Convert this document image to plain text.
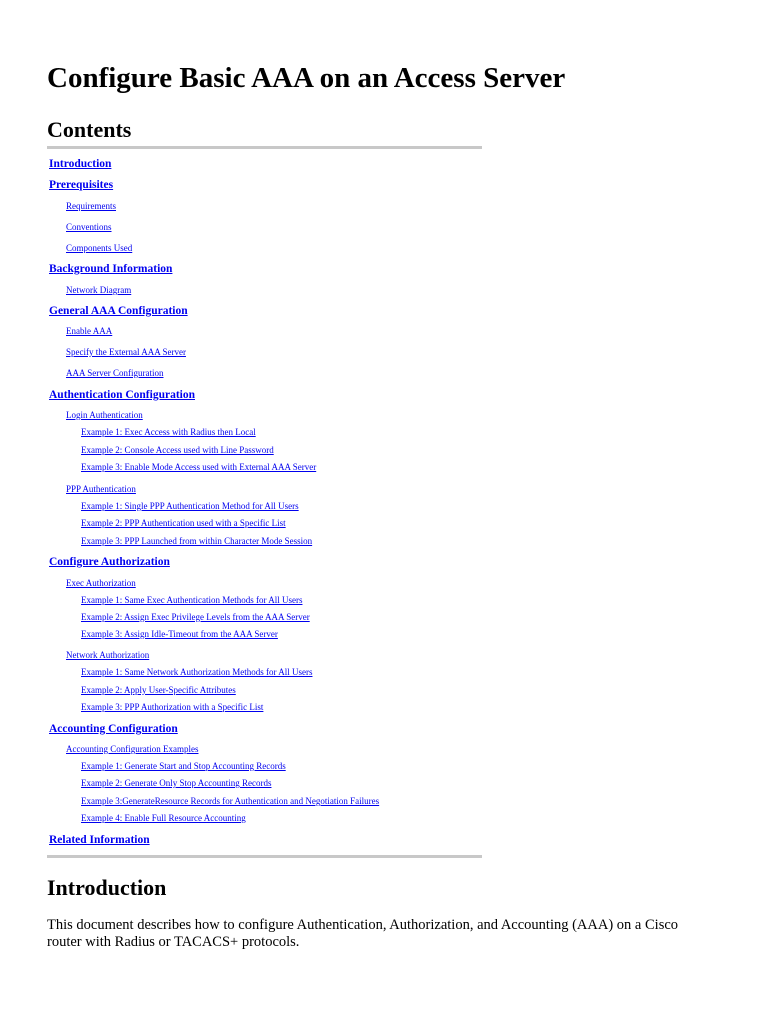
Configure Basic AAA on an Access Server
Contents
Introduction
Prerequisites
Requirements
Conventions
Components Used
Background Information
Network Diagram
General AAA Configuration
Enable AAA
Specify the External AAA Server
AAA Server Configuration
Authentication Configuration
Login Authentication
Example 1: Exec Access with Radius then Local
Example 2: Console Access used with Line Password
Example 3: Enable Mode Access used with External AAA Server
PPP Authentication
Example 1: Single PPP Authentication Method for All Users
Example 2: PPP Authentication used with a Specific List
Example 3: PPP Launched from within Character Mode Session
Configure Authorization
Exec Authorization
Example 1: Same Exec Authentication Methods for All Users
Example 2: Assign Exec Privilege Levels from the AAA Server
Example 3: Assign Idle-Timeout from the AAA Server
Network Authorization
Example 1: Same Network Authorization Methods for All Users
Example 2: Apply User-Specific Attributes
Example 3: PPP Authorization with a Specific List
Accounting Configuration
Accounting Configuration Examples
Example 1: Generate Start and Stop Accounting Records
Example 2: Generate Only Stop Accounting Records
Example 3:GenerateResource Records for Authentication and Negotiation Failures
Example 4: Enable Full Resource Accounting
Related Information
Introduction

This document describes how to configure Authentication, Authorization, and Accounting (AAA) on a Cisco router with Radius or TACACS+ protocols.
